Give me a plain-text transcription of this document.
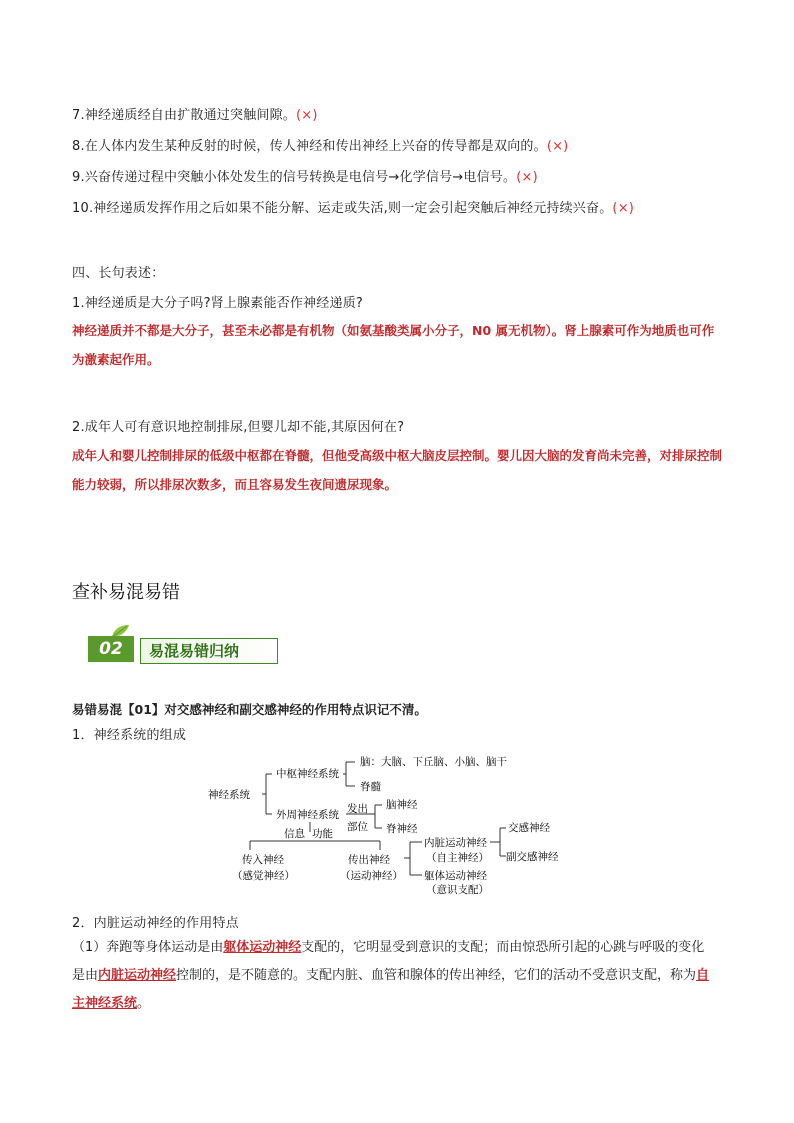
7.神经递质经自由扩散通过突触间隙。(×)
8.在人体内发生某种反射的时候，传人神经和传出神经上兴奋的传导都是双向的。(×)
9.兴奋传递过程中突触小体处发生的信号转换是电信号→化学信号→电信号。(×)
10.神经递质发挥作用之后如果不能分解、运走或失活,则一定会引起突触后神经元持续兴奋。(×)
四、长句表述：
1.神经递质是大分子吗?肾上腺素能否作神经递质?
神经递质并不都是大分子，甚至未必都是有机物（如氨基酸类属小分子，N0 属无机物）。肾上腺素可作为地质也可作为激素起作用。
2.成年人可有意识地控制排尿,但婴儿却不能,其原因何在?
成年人和婴儿控制排尿的低级中枢都在脊髓，但他受高级中枢大脑皮层控制。婴儿因大脑的发育尚未完善，对排尿控制能力较弱，所以排尿次数多，而且容易发生夜间遗尿现象。
查补易混易错
02	易混易错归纳
易错易混【01】对交感神经和副交感神经的作用特点识记不清。
1．神经系统的组成
神经系统
中枢神经系统
脑：大脑、下丘脑、小脑、脑干
脊髓
外周神经系统 发出
部位
脑神经
脊神经
信息 功能
传入神经
（感觉神经）
传出神经
（运动神经）
内脏运动神经
（自主神经）
躯体运动神经
（意识支配）
交感神经
副交感神经
2．内脏运动神经的作用特点
（1）奔跑等身体运动是由躯体运动神经支配的，它明显受到意识的支配；而由惊恐所引起的心跳与呼吸的变化是由内脏运动神经控制的，是不随意的。支配内脏、血管和腺体的传出神经，它们的活动不受意识支配，称为自主神经系统。
